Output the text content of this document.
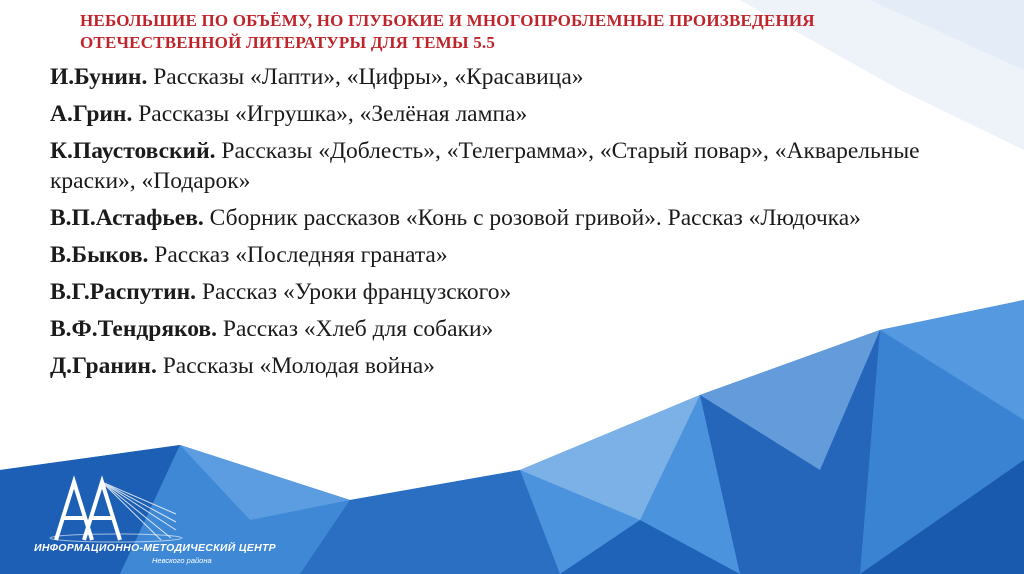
НЕБОЛЬШИЕ ПО ОБЪЁМУ, НО ГЛУБОКИЕ И МНОГОПРОБЛЕМНЫЕ ПРОИЗВЕДЕНИЯ
ОТЕЧЕСТВЕННОЙ ЛИТЕРАТУРЫ ДЛЯ ТЕМЫ 5.5
И.Бунин. Рассказы «Лапти», «Цифры», «Красавица»
А.Грин. Рассказы «Игрушка», «Зелёная лампа»
К.Паустовский. Рассказы «Доблесть», «Телеграмма», «Старый повар», «Акварельные краски», «Подарок»
В.П.Астафьев. Сборник рассказов «Конь с розовой гривой». Рассказ «Людочка»
В.Быков. Рассказ «Последняя граната»
В.Г.Распутин. Рассказ «Уроки французского»
В.Ф.Тендряков. Рассказ «Хлеб для собаки»
Д.Гранин. Рассказы «Молодая война»
ИНФОРМАЦИОННО-МЕТОДИЧЕСКИЙ ЦЕНТР
Невского района
